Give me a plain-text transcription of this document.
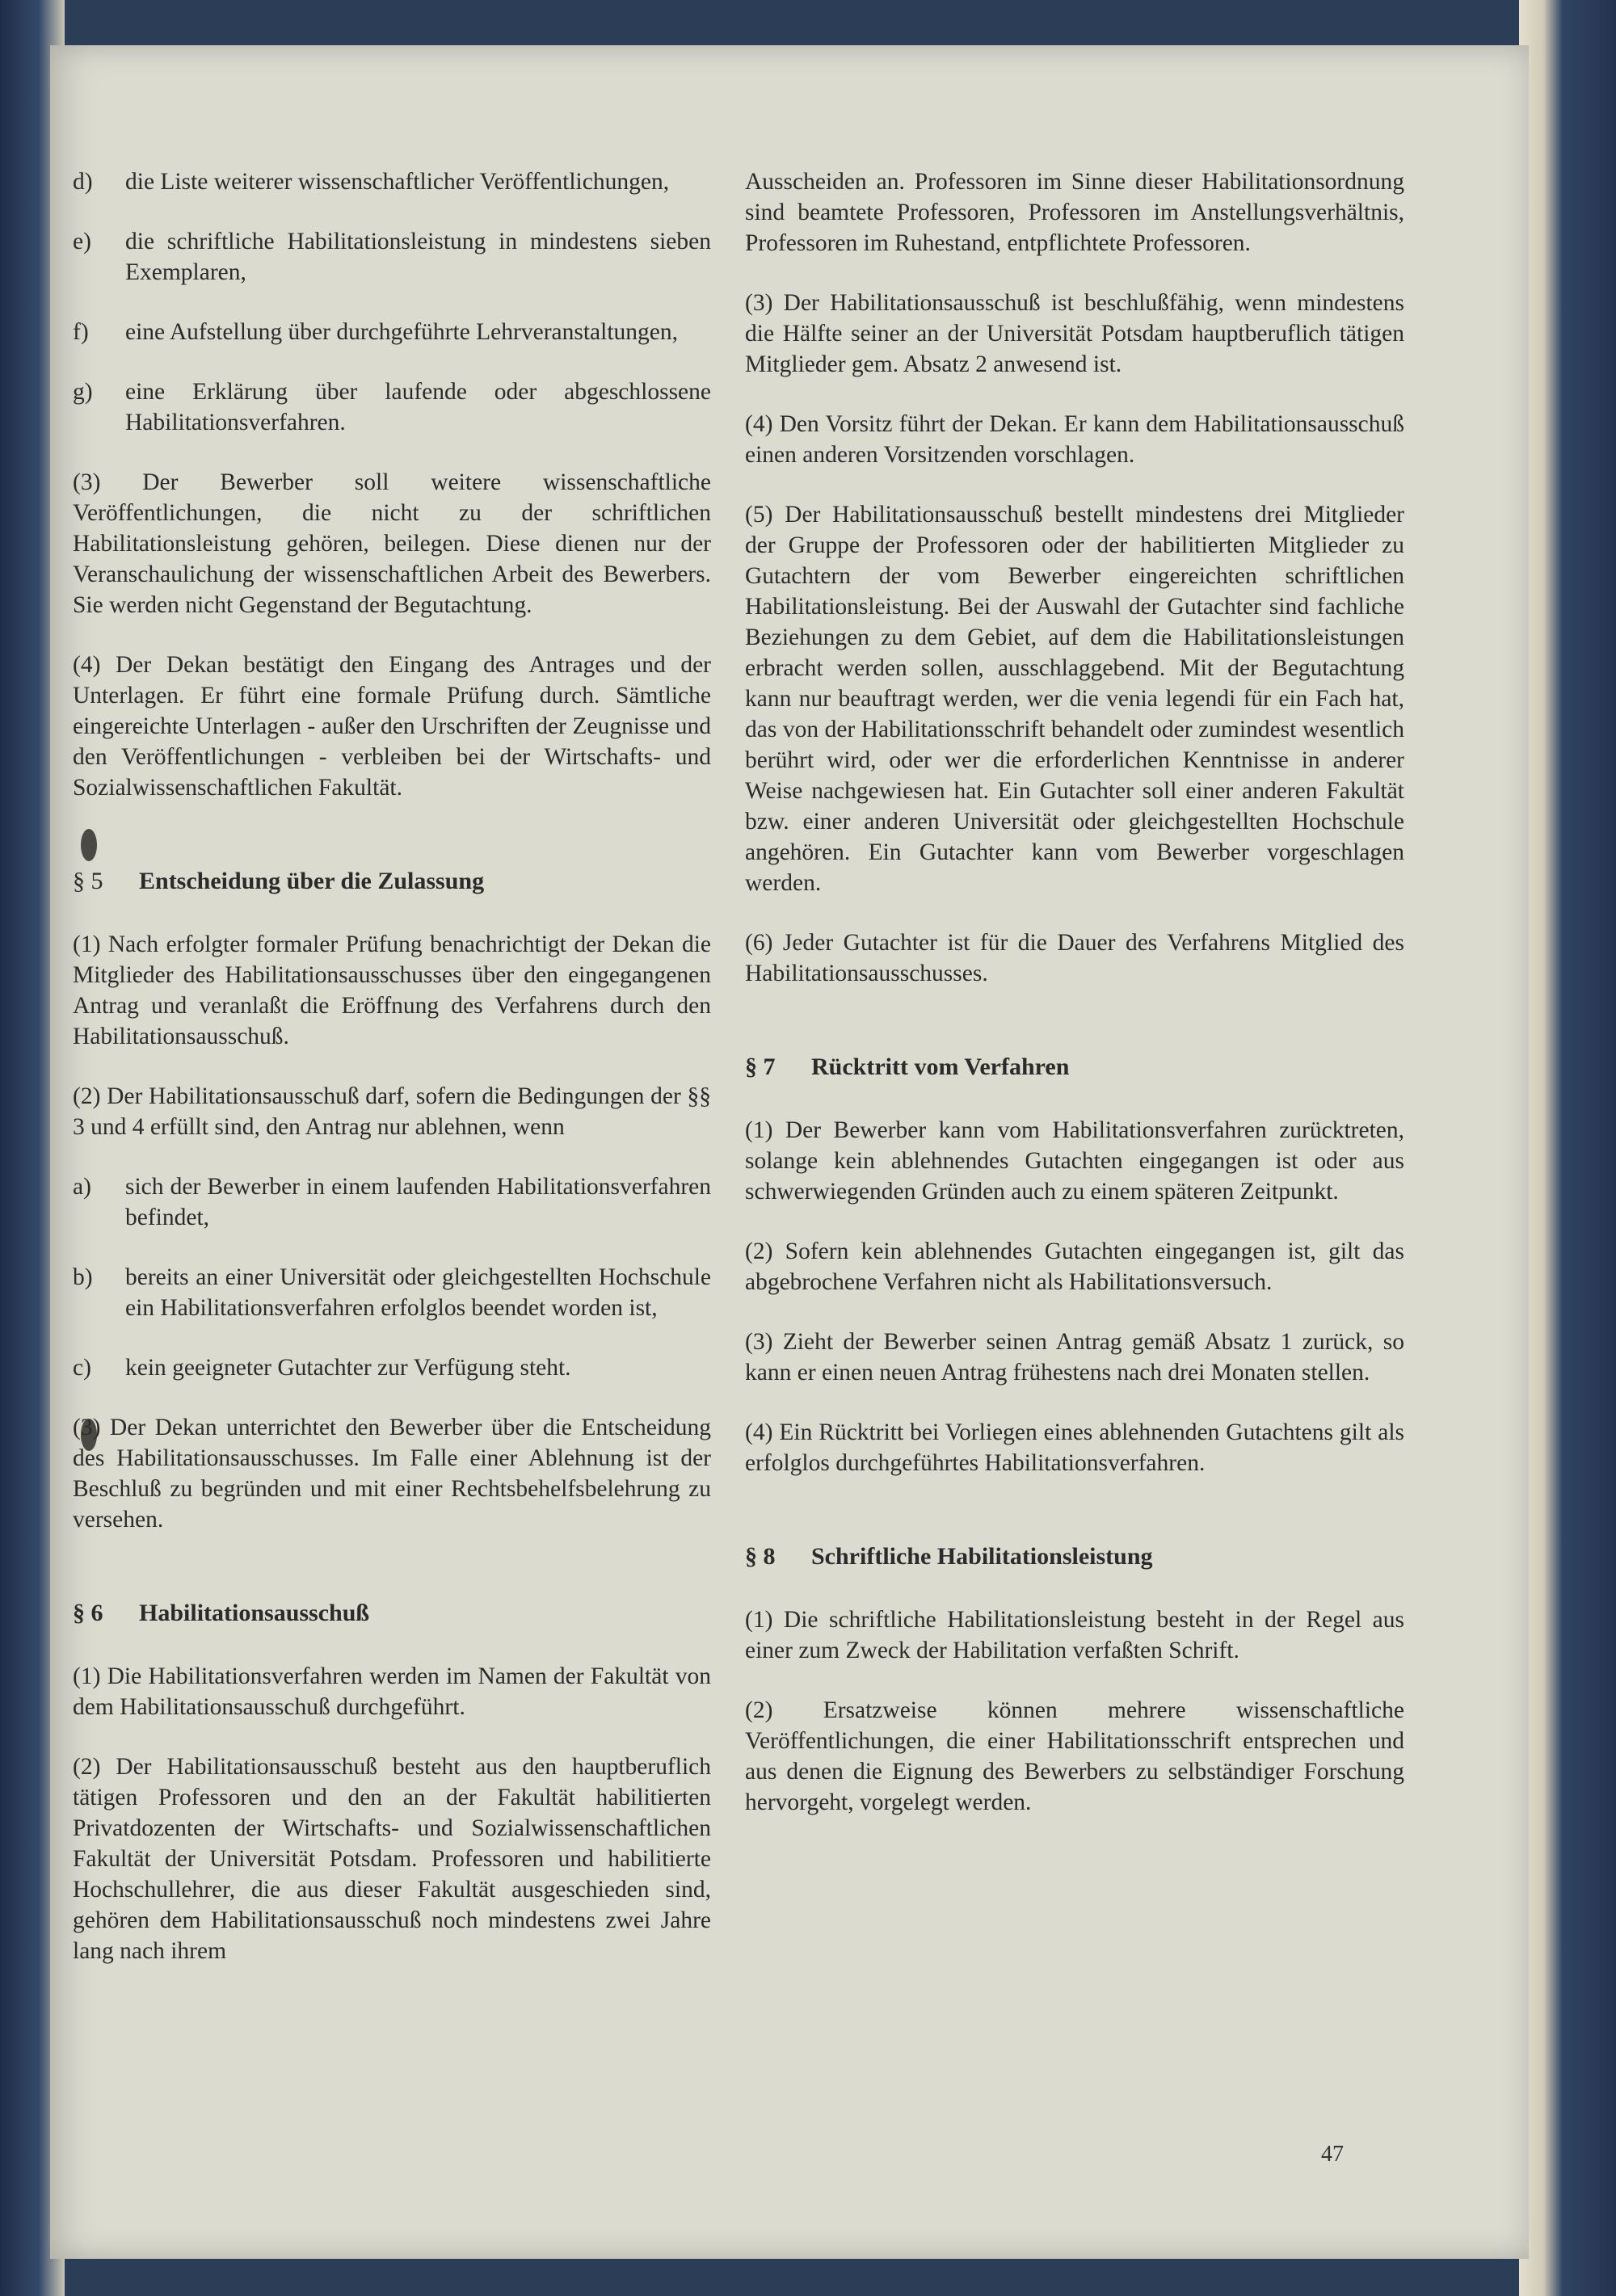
d)	die Liste weiterer wissenschaftlicher Veröffentlichungen,
e)	die schriftliche Habilitationsleistung in mindestens sieben Exemplaren,
f)	eine Aufstellung über durchgeführte Lehrveranstaltungen,
g)	eine Erklärung über laufende oder abgeschlossene Habilitationsverfahren.

(3) Der Bewerber soll weitere wissenschaftliche Veröffentlichungen, die nicht zu der schriftlichen Habilitationsleistung gehören, beilegen. Diese dienen nur der Veranschaulichung der wissenschaftlichen Arbeit des Bewerbers. Sie werden nicht Gegenstand der Begutachtung.

(4) Der Dekan bestätigt den Eingang des Antrages und der Unterlagen. Er führt eine formale Prüfung durch. Sämtliche eingereichte Unterlagen - außer den Urschriften der Zeugnisse und den Veröffentlichungen - verbleiben bei der Wirtschafts- und Sozialwissenschaftlichen Fakultät.

§ 5	Entscheidung über die Zulassung

(1) Nach erfolgter formaler Prüfung benachrichtigt der Dekan die Mitglieder des Habilitationsausschusses über den eingegangenen Antrag und veranlaßt die Eröffnung des Verfahrens durch den Habilitationsausschuß.

(2) Der Habilitationsausschuß darf, sofern die Bedingungen der §§ 3 und 4 erfüllt sind, den Antrag nur ablehnen, wenn

a)	sich der Bewerber in einem laufenden Habilitationsverfahren befindet,
b)	bereits an einer Universität oder gleichgestellten Hochschule ein Habilitationsverfahren erfolglos beendet worden ist,
c)	kein geeigneter Gutachter zur Verfügung steht.

(3) Der Dekan unterrichtet den Bewerber über die Entscheidung des Habilitationsausschusses. Im Falle einer Ablehnung ist der Beschluß zu begründen und mit einer Rechtsbehelfsbelehrung zu versehen.

§ 6	Habilitationsausschuß

(1) Die Habilitationsverfahren werden im Namen der Fakultät von dem Habilitationsausschuß durchgeführt.

(2) Der Habilitationsausschuß besteht aus den hauptberuflich tätigen Professoren und den an der Fakultät habilitierten Privatdozenten der Wirtschafts- und Sozialwissenschaftlichen Fakultät der Universität Potsdam. Professoren und habilitierte Hochschullehrer, die aus dieser Fakultät ausgeschieden sind, gehören dem Habilitationsausschuß noch mindestens zwei Jahre lang nach ihrem

Ausscheiden an. Professoren im Sinne dieser Habilitationsordnung sind beamtete Professoren, Professoren im Anstellungsverhältnis, Professoren im Ruhestand, entpflichtete Professoren.

(3) Der Habilitationsausschuß ist beschlußfähig, wenn mindestens die Hälfte seiner an der Universität Potsdam hauptberuflich tätigen Mitglieder gem. Absatz 2 anwesend ist.

(4) Den Vorsitz führt der Dekan. Er kann dem Habilitationsausschuß einen anderen Vorsitzenden vorschlagen.

(5) Der Habilitationsausschuß bestellt mindestens drei Mitglieder der Gruppe der Professoren oder der habilitierten Mitglieder zu Gutachtern der vom Bewerber eingereichten schriftlichen Habilitationsleistung. Bei der Auswahl der Gutachter sind fachliche Beziehungen zu dem Gebiet, auf dem die Habilitationsleistungen erbracht werden sollen, ausschlaggebend. Mit der Begutachtung kann nur beauftragt werden, wer die venia legendi für ein Fach hat, das von der Habilitationsschrift behandelt oder zumindest wesentlich berührt wird, oder wer die erforderlichen Kenntnisse in anderer Weise nachgewiesen hat. Ein Gutachter soll einer anderen Fakultät bzw. einer anderen Universität oder gleichgestellten Hochschule angehören. Ein Gutachter kann vom Bewerber vorgeschlagen werden.

(6) Jeder Gutachter ist für die Dauer des Verfahrens Mitglied des Habilitationsausschusses.

§ 7	Rücktritt vom Verfahren

(1) Der Bewerber kann vom Habilitationsverfahren zurücktreten, solange kein ablehnendes Gutachten eingegangen ist oder aus schwerwiegenden Gründen auch zu einem späteren Zeitpunkt.

(2) Sofern kein ablehnendes Gutachten eingegangen ist, gilt das abgebrochene Verfahren nicht als Habilitationsversuch.

(3) Zieht der Bewerber seinen Antrag gemäß Absatz 1 zurück, so kann er einen neuen Antrag frühestens nach drei Monaten stellen.

(4) Ein Rücktritt bei Vorliegen eines ablehnenden Gutachtens gilt als erfolglos durchgeführtes Habilitationsverfahren.

§ 8	Schriftliche Habilitationsleistung

(1) Die schriftliche Habilitationsleistung besteht in der Regel aus einer zum Zweck der Habilitation verfaßten Schrift.

(2) Ersatzweise können mehrere wissenschaftliche Veröffentlichungen, die einer Habilitationsschrift entsprechen und aus denen die Eignung des Bewerbers zu selbständiger Forschung hervorgeht, vorgelegt werden.

47
